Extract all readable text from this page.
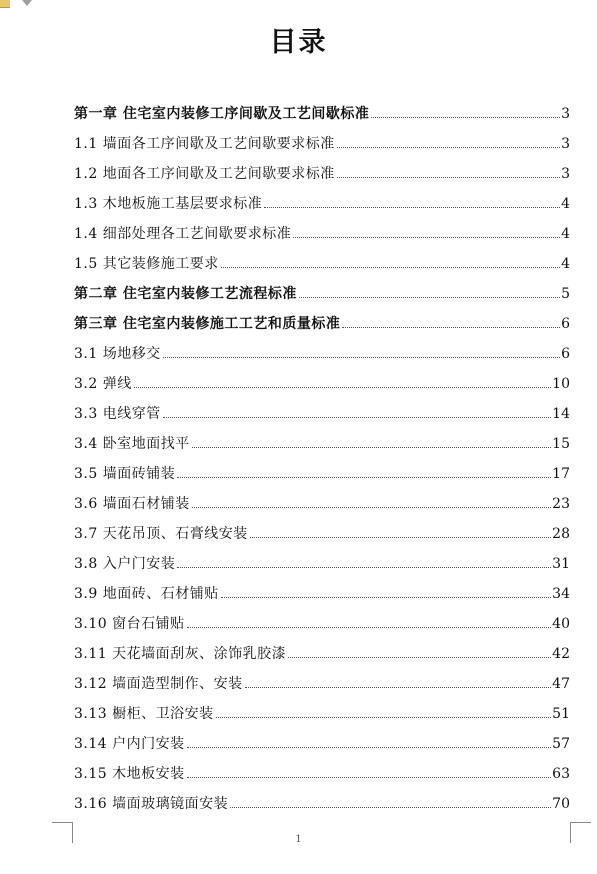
目录
第一章 住宅室内装修工序间歇及工艺间歇标准	3
1.1 墙面各工序间歇及工艺间歇要求标准	3
1.2 地面各工序间歇及工艺间歇要求标准	3
1.3 木地板施工基层要求标准	4
1.4 细部处理各工艺间歇要求标准	4
1.5 其它装修施工要求	4
第二章 住宅室内装修工艺流程标准	5
第三章 住宅室内装修施工工艺和质量标准	6
3.1 场地移交	6
3.2 弹线	10
3.3 电线穿管	14
3.4 卧室地面找平	15
3.5 墙面砖铺装	17
3.6 墙面石材铺装	23
3.7 天花吊顶、石膏线安装	28
3.8 入户门安装	31
3.9 地面砖、石材铺贴	34
3.10 窗台石铺贴	40
3.11 天花墙面刮灰、涂饰乳胶漆	42
3.12 墙面造型制作、安装	47
3.13 橱柜、卫浴安装	51
3.14 户内门安装	57
3.15 木地板安装	63
3.16 墙面玻璃镜面安装	70
1
